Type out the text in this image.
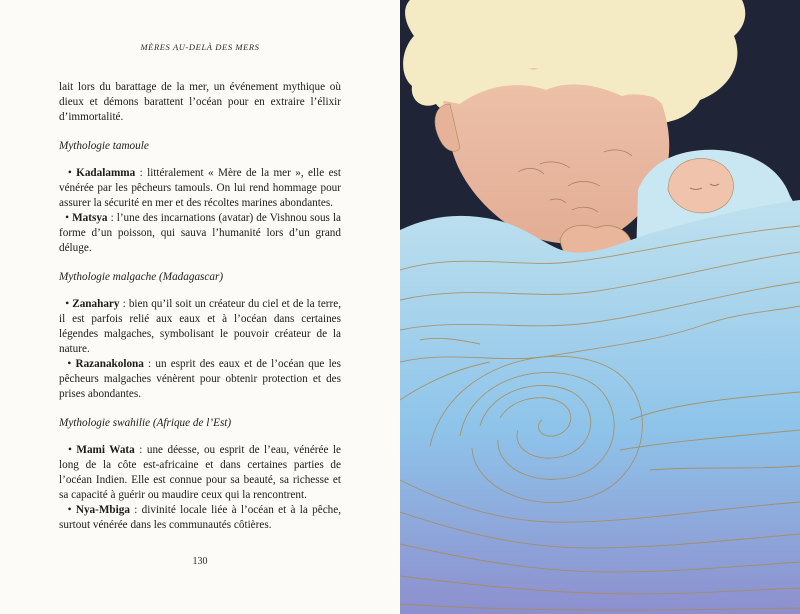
MÈRES AU-DELÀ DES MERS

lait lors du barattage de la mer, un événement mythique où dieux et démons barattent l’océan pour en extraire l’élixir d’immortalité.

Mythologie tamoule

• Kadalamma : littéralement « Mère de la mer », elle est vénérée par les pêcheurs tamouls. On lui rend hommage pour assurer la sécurité en mer et des récoltes marines abondantes.

• Matsya : l’une des incarnations (avatar) de Vishnou sous la forme d’un poisson, qui sauva l’humanité lors d’un grand déluge.

Mythologie malgache (Madagascar)

• Zanahary : bien qu’il soit un créateur du ciel et de la terre, il est parfois relié aux eaux et à l’océan dans certaines légendes malgaches, symbolisant le pouvoir créateur de la nature.

• Razanakolona : un esprit des eaux et de l’océan que les pêcheurs malgaches vénèrent pour obtenir protection et des prises abondantes.

Mythologie swahilie (Afrique de l’Est)

• Mami Wata : une déesse, ou esprit de l’eau, vénérée le long de la côte est-africaine et dans certaines parties de l’océan Indien. Elle est connue pour sa beauté, sa richesse et sa capacité à guérir ou maudire ceux qui la rencontrent.

• Nya-Mbiga : divinité locale liée à l’océan et à la pêche, surtout vénérée dans les communautés côtières.

130
